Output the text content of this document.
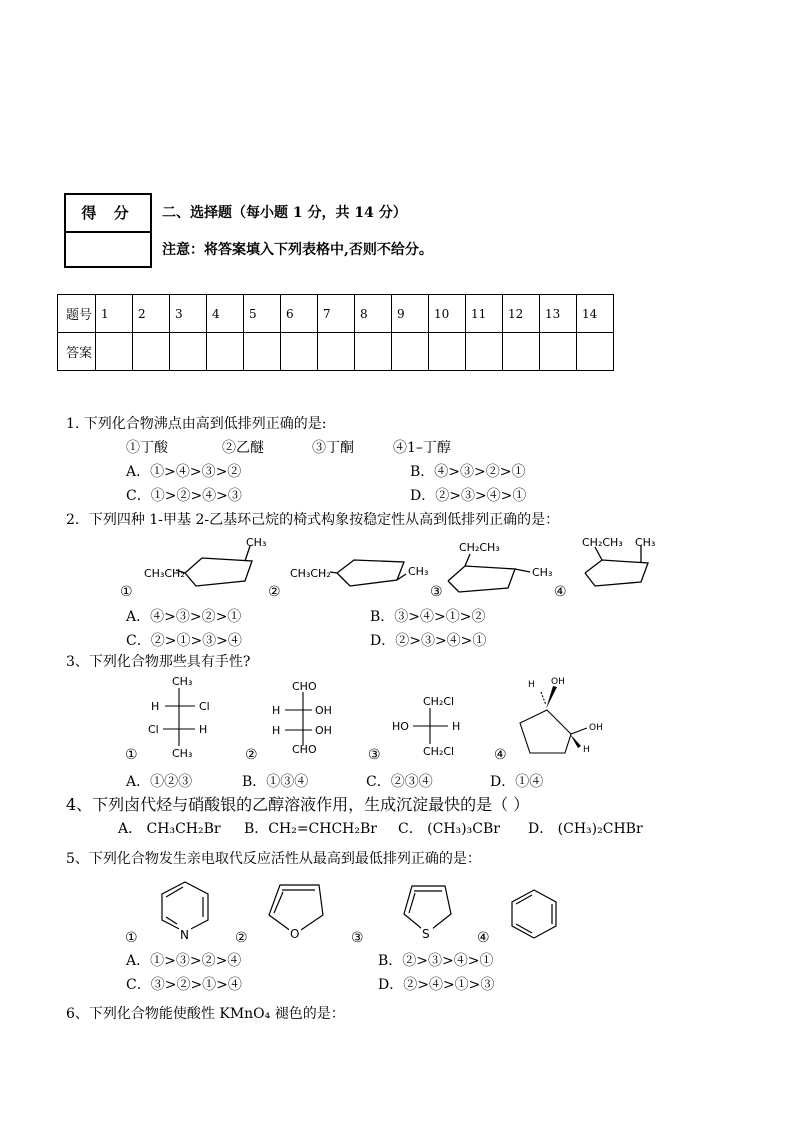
得 分	二、选择题（每小题 1 分，共 14 分）
注意：将答案填入下列表格中,否则不给分。
题号	1	2	3	4	5	6	7	8	9	10	11	12	13	14
答案														
1. 下列化合物沸点由高到低排列正确的是:
①丁酸	②乙醚	③丁酮	④1–丁醇
A．①>④>③>②	B．④>③>②>①
C．①>②>④>③	D．②>③>④>①
2．下列四种 1-甲基 2-乙基环己烷的椅式构象按稳定性从高到低排列正确的是：
CH₃CH₂
CH₃
CH₃CH₂	CH₃
CH₂CH₃
CH₃
CH₂CH₃ CH₃
①	②	③	④
A．④>③>②>①	B．③>④>①>②
C．②>①>③>④	D．②>③>④>①
3、下列化合物那些具有手性?
CH₃
H	Cl
Cl	H
CH₃
CHO
H	OH
H	OH
CHO
CH₂Cl
HO	H
CH₂Cl
H OH
OH
H
①	②	③	④
A．①②③	B．①③④	C．②③④	D．①④
4、下列卤代烃与硝酸银的乙醇溶液作用，生成沉淀最快的是（ ）
A． CH₃CH₂Br B．CH₂=CHCH₂Br C． (CH₃)₃CBr D． (CH₃)₂CHBr
5、下列化合物发生亲电取代反应活性从最高到最低排列正确的是：
N	O	S
①	②	③	④
A．①>③>②>④	B．②>③>④>①
C．③>②>①>④	D．②>④>①>③
6、下列化合物能使酸性 KMnO₄ 褪色的是：
